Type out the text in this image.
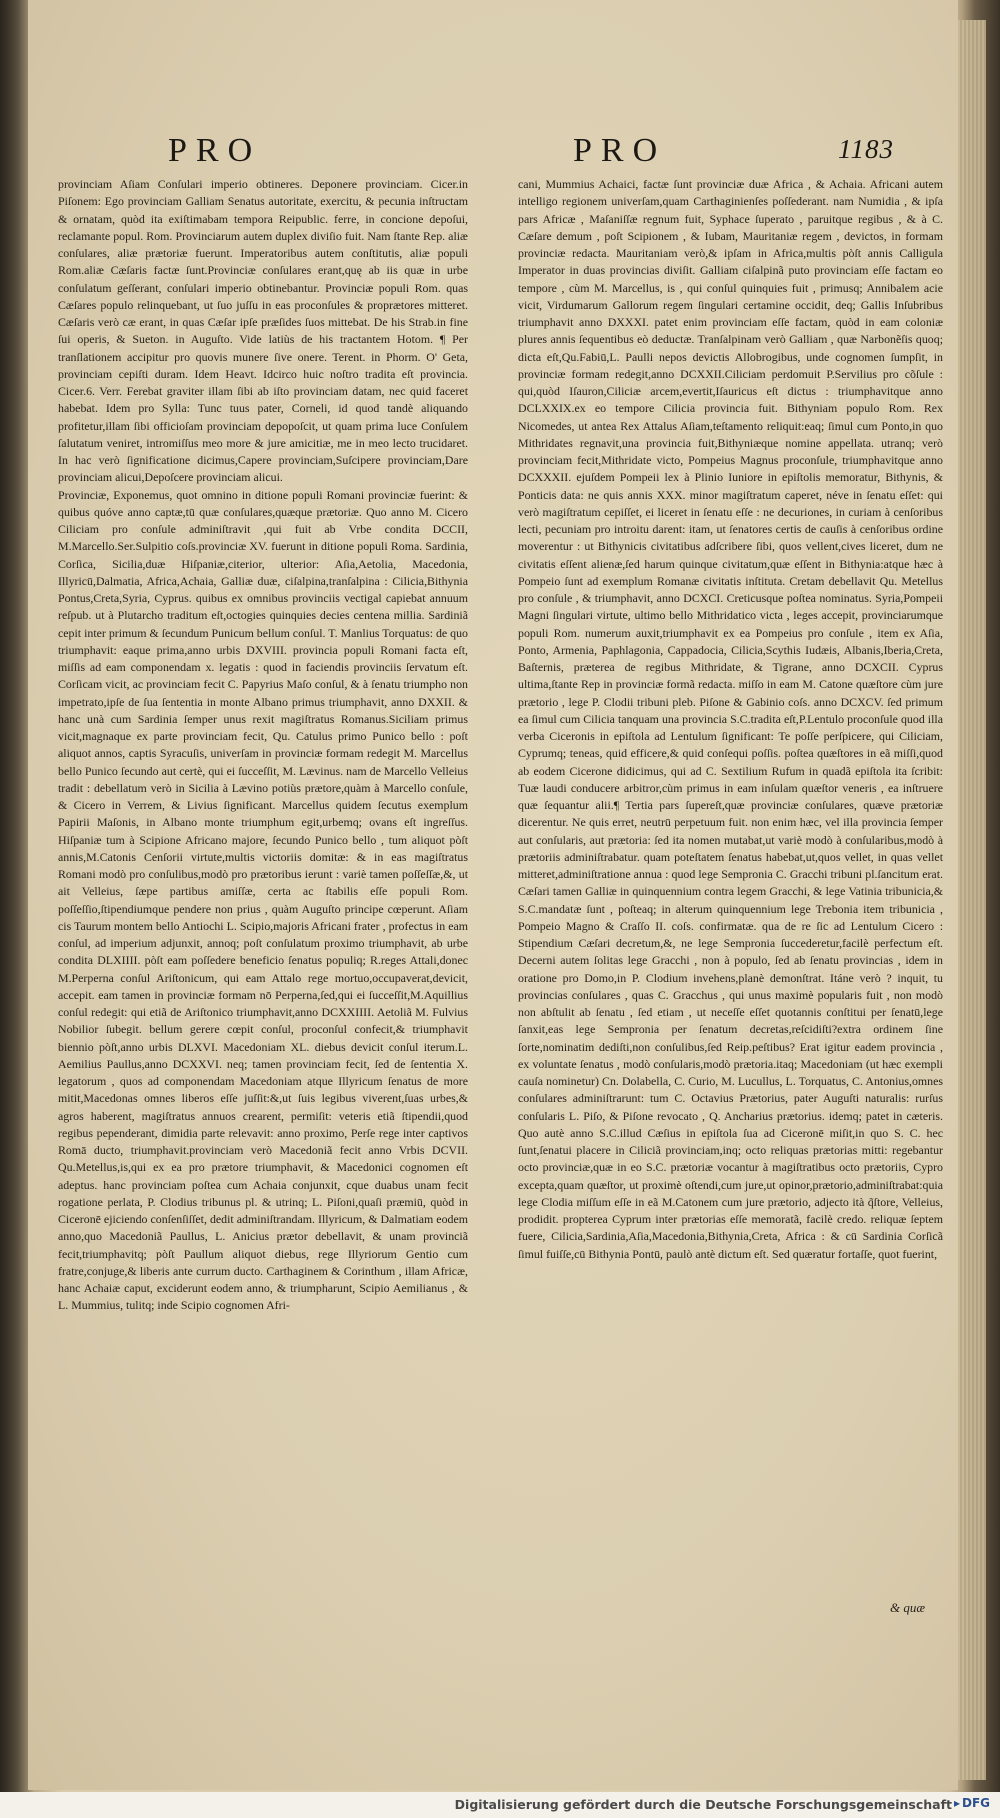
PRO	PRO	1183

provinciam Aſiam Conſulari imperio obtineres. Deponere provinciam. Cicer.in Piſonem: Ego provinciam Galliam Senatus autoritate, exercitu, & pecunia inſtructam & ornatam, quòd ita exiſtimabam tempora Reipublic. ferre, in concione depoſui, reclamante popul. Rom. Provinciarum autem duplex diviſio fuit. Nam ſtante Rep. aliæ conſulares, aliæ prætoriæ fuerunt. Imperatoribus autem conſtitutis, aliæ populi Rom.aliæ Cæſaris factæ ſunt.Provinciæ conſulares erant,quę ab iis quæ in urbe conſulatum geſſerant, conſulari imperio obtinebantur. Provinciæ populi Rom. quas Cæſares populo relinquebant, ut ſuo juſſu in eas proconſules & proprætores mitteret. Cæſaris verò cæ erant, in quas Cæſar ipſe præſides ſuos mittebat. De his Strab.in fine ſui operis, & Sueton. in Auguſto. Vide latiùs de his tractantem Hotom. ¶ Per tranſlationem accipitur pro quovis munere ſive onere. Terent. in Phorm. O' Geta, provinciam cepiſti duram. Idem Heavt. Idcirco huic noſtro tradita eſt provincia. Cicer.6. Verr. Ferebat graviter illam ſibi ab iſto provinciam datam, nec quid faceret habebat. Idem pro Sylla: Tunc tuus pater, Corneli, id quod tandè aliquando profitetur,illam ſibi officioſam provinciam depopoſcit, ut quam prima luce Conſulem ſalutatum veniret, intromiſſus meo more & jure amicitiæ, me in meo lecto trucidaret. In hac verò ſignificatione dicimus,Capere provinciam,Suſcipere provinciam,Dare provinciam alicui,Depoſcere provinciam alicui.

Provinciæ, Exponemus, quot omnino in ditione populi Romani provinciæ fuerint: & quibus quóve anno captæ,tū quæ conſulares,quæque prætoriæ. Quo anno M. Cicero Ciliciam pro conſule adminiſtravit ,qui fuit ab Vrbe condita DCCII, M.Marcello.Ser.Sulpitio coſs.provinciæ XV. fuerunt in ditione populi Roma. Sardinia, Corſica, Sicilia,duæ Hiſpaniæ,citerior, ulterior: Aſia,Aetolia, Macedonia, Illyricū,Dalmatia, Africa,Achaia, Galliæ duæ, ciſalpina,tranſalpina : Cilicia,Bithynia Pontus,Creta,Syria, Cyprus. quibus ex omnibus provinciis vectigal capiebat annuum reſpub. ut à Plutarcho traditum eſt,octogies quinquies decies centena millia. Sardiniã cepit inter primum & ſecundum Punicum bellum conſul. T. Manlius Torquatus: de quo triumphavit: eaque prima,anno urbis DXVIII. provincia populi Romani facta eſt, miſſis ad eam componendam x. legatis : quod in faciendis provinciis ſervatum eſt. Corſicam vicit, ac provinciam fecit C. Papyrius Maſo conſul, & à ſenatu triumpho non impetrato,ipſe de ſua ſententia in monte Albano primus triumphavit, anno DXXII. & hanc unà cum Sardinia ſemper unus rexit magiſtratus Romanus.Siciliam primus vicit,magnaque ex parte provinciam fecit, Qu. Catulus primo Punico bello : poſt aliquot annos, captis Syracuſis, univerſam in provinciæ formam redegit M. Marcellus bello Punico ſecundo aut certè, qui ei ſucceſſit, M. Lævinus. nam de Marcello Velleius tradit : debellatum verò in Sicilia à Lævino potiùs prætore,quàm à Marcello conſule, & Cicero in Verrem, & Livius ſignificant. Marcellus quidem ſecutus exemplum Papirii Maſonis, in Albano monte triumphum egit,urbemq; ovans eſt ingreſſus. Hiſpaniæ tum à Scipione Africano majore, ſecundo Punico bello , tum aliquot pòſt annis,M.Catonis Cenſorii virtute,multis victoriis domitæ: & in eas magiſtratus Romani modò pro conſulibus,modò pro prætoribus ierunt : variè tamen poſſeſſæ,&, ut ait Velleius, ſæpe partibus amiſſæ, certa ac ſtabilis eſſe populi Rom. poſſeſſio,ſtipendiumque pendere non prius , quàm Auguſto principe cœperunt. Aſiam cis Taurum montem bello Antiochi L. Scipio,majoris Africani frater , profectus in eam conſul, ad imperium adjunxit, annoq; poſt conſulatum proximo triumphavit, ab urbe condita DLXIIII. pòſt eam poſſedere beneficio ſenatus populiq; R.reges Attali,donec M.Perperna conſul Ariſtonicum, qui eam Attalo rege mortuo,occupaverat,devicit, accepit. eam tamen in provinciæ formam nō Perperna,ſed,qui ei ſucceſſit,M.Aquillius conſul redegit: qui etiã de Ariſtonico triumphavit,anno DCXXIIII. Aetoliã M. Fulvius Nobilior ſubegit. bellum gerere cœpit conſul, proconſul confecit,& triumphavit biennio pòſt,anno urbis DLXVI. Macedoniam XL. diebus devicit conſul iterum.L. Aemilius Paullus,anno DCXXVI. neq; tamen provinciam fecit, ſed de ſententia X. legatorum , quos ad componendam Macedoniam atque Illyricum ſenatus de more mitit,Macedonas omnes liberos eſſe juſſit:&,ut ſuis legibus viverent,ſuas urbes,& agros haberent, magiſtratus annuos crearent, permiſit: veteris etiã ſtipendii,quod regibus pependerant, dimidia parte relevavit: anno proximo, Perſe rege inter captivos Romā ducto, triumphavit.provinciam verò Macedoniã fecit anno Vrbis DCVII. Qu.Metellus,is,qui ex ea pro prætore triumphavit, & Macedonici cognomen eſt adeptus. hanc provinciam poſtea cum Achaia conjunxit, cque duabus unam fecit rogatione perlata, P. Clodius tribunus pl. & utrinq; L. Piſoni,quaſi præmiū, quòd in Ciceronē ejiciendo conſenſiſſet, dedit adminiſtrandam. Illyricum, & Dalmatiam eodem anno,quo Macedoniã Paullus, L. Anicius prætor debellavit, & unam provinciã fecit,triumphavitq; pòſt Paullum aliquot diebus, rege Illyriorum Gentio cum fratre,conjuge,& liberis ante currum ducto. Carthaginem & Corinthum , illam Africæ, hanc Achaiæ caput, exciderunt eodem anno, & triumpharunt, Scipio Aemilianus , & L. Mummius, tulitq; inde Scipio cognomen Afri-

cani, Mummius Achaici, factæ ſunt provinciæ duæ Africa , & Achaia. Africani autem intelligo regionem univerſam,quam Carthaginienſes poſſederant. nam Numidia , & ipſa pars Africæ , Maſaniſſæ regnum fuit, Syphace ſuperato , paruitque regibus , & à C. Cæſare demum , poſt Scipionem , & Iubam, Mauritaniæ regem , devictos, in formam provinciæ redacta. Mauritaniam verò,& ipſam in Africa,multis pòſt annis Calligula Imperator in duas provincias diviſit. Galliam ciſalpinã puto provinciam eſſe factam eo tempore , cùm M. Marcellus, is , qui conſul quinquies fuit , primusq; Annibalem acie vicit, Virdumarum Gallorum regem ſingulari certamine occidit, deq; Gallis Inſubribus triumphavit anno DXXXI. patet enim provinciam eſſe factam, quòd in eam coloniæ plures annis ſequentibus eò deductæ. Tranſalpinam verò Galliam , quæ Narbonẽſis quoq; dicta eſt,Qu.Fabiū,L. Paulli nepos devictis Allobrogibus, unde cognomen ſumpſit, in provinciæ formam redegit,anno DCXXII.Ciliciam perdomuit P.Servilius pro cõſule : qui,quòd Iſauron,Ciliciæ arcem,evertit,Iſauricus eſt dictus : triumphavitque anno DCLXXIX.ex eo tempore Cilicia provincia fuit. Bithyniam populo Rom. Rex Nicomedes, ut antea Rex Attalus Aſiam,teſtamento reliquit:eaq; ſimul cum Ponto,in quo Mithridates regnavit,una provincia fuit,Bithyniæque nomine appellata. utranq; verò provinciam fecit,Mithridate victo, Pompeius Magnus proconſule, triumphavitque anno DCXXXII. ejuſdem Pompeii lex à Plinio Iuniore in epiſtolis memoratur, Bithynis, & Ponticis data: ne quis annis XXX. minor magiſtratum caperet, néve in ſenatu eſſet: qui verò magiſtratum cepiſſet, ei liceret in ſenatu eſſe : ne decuriones, in curiam à cenſoribus lecti, pecuniam pro introitu darent: itam, ut ſenatores certis de cauſis à cenſoribus ordine moverentur : ut Bithynicis civitatibus adſcribere ſibi, quos vellent,cives liceret, dum ne civitatis eſſent alienæ,ſed harum quinque civitatum,quæ eſſent in Bithynia:atque hæc à Pompeio ſunt ad exemplum Romanæ civitatis inſtituta. Cretam debellavit Qu. Metellus pro conſule , & triumphavit, anno DCXCI. Creticusque poſtea nominatus. Syria,Pompeii Magni ſingulari virtute, ultimo bello Mithridatico victa , leges accepit, provinciarumque populi Rom. numerum auxit,triumphavit ex ea Pompeius pro conſule , item ex Aſia, Ponto, Armenia, Paphlagonia, Cappadocia, Cilicia,Scythis Iudæis, Albanis,Iberia,Creta, Baſternis, præterea de regibus Mithridate, & Tigrane, anno DCXCII. Cyprus ultima,ſtante Rep in provinciæ formã redacta. miſſo in eam M. Catone quæſtore cùm jure prætorio , lege P. Clodii tribuni pleb. Piſone & Gabinio coſs. anno DCXCV. ſed primum ea ſimul cum Cilicia tanquam una provincia S.C.tradita eſt,P.Lentulo proconſule quod illa verba Ciceronis in epiſtola ad Lentulum ſignificant: Te poſſe perſpicere, qui Ciliciam, Cyprumq; teneas, quid efficere,& quid conſequi poſſis. poſtea quæſtores in eã miſſi,quod ab eodem Cicerone didicimus, qui ad C. Sextilium Rufum in quadã epiſtola ita ſcribit: Tuæ laudi conducere arbitror,cùm primus in eam inſulam quæſtor veneris , ea inſtruere quæ ſequantur alii.¶ Tertia pars ſupereſt,quæ provinciæ conſulares, quæve prætoriæ dicerentur. Ne quis erret, neutrū perpetuum fuit. non enim hæc, vel illa provincia ſemper aut conſularis, aut prætoria: ſed ita nomen mutabat,ut variè modò à conſularibus,modò à prætoriis adminiſtrabatur. quam poteſtatem ſenatus habebat,ut,quos vellet, in quas vellet mitteret,adminiſtratione annua : quod lege Sempronia C. Gracchi tribuni pl.ſancitum erat. Cæſari tamen Galliæ in quinquennium contra legem Gracchi, & lege Vatinia tribunicia,& S.C.mandatæ ſunt , poſteaq; in alterum quinquennium lege Trebonia item tribunicia , Pompeio Magno & Craſſo II. coſs. confirmatæ. qua de re ſic ad Lentulum Cicero : Stipendium Cæſari decretum,&, ne lege Sempronia ſuccederetur,facilè perfectum eſt. Decerni autem ſolitas lege Gracchi , non à populo, ſed ab ſenatu provincias , idem in oratione pro Domo,in P. Clodium invehens,planè demonſtrat. Itáne verò ? inquit, tu provincias conſulares , quas C. Gracchus , qui unus maximè popularis fuit , non modò non abſtulit ab ſenatu , ſed etiam , ut neceſſe eſſet quotannis conſtitui per ſenatū,lege ſanxit,eas lege Sempronia per ſenatum decretas,reſcidiſti?extra ordinem ſine ſorte,nominatim dediſti,non conſulibus,ſed Reip.peſtibus? Erat igitur eadem provincia , ex voluntate ſenatus , modò conſularis,modò prætoria.itaq; Macedoniam (ut hæc exempli cauſa nominetur) Cn. Dolabella, C. Curio, M. Lucullus, L. Torquatus, C. Antonius,omnes conſulares adminiſtrarunt: tum C. Octavius Prætorius, pater Auguſti naturalis: rurſus conſularis L. Piſo, & Piſone revocato , Q. Ancharius prætorius. idemq; patet in cæteris. Quo autè anno S.C.illud Cæſius in epiſtola ſua ad Ciceronē miſit,in quo S. C. hec ſunt,ſenatui placere in Ciliciã provinciam,inq; octo reliquas prætorias mitti: regebantur octo provinciæ,quæ in eo S.C. prætoriæ vocantur à magiſtratibus octo prætoriis, Cypro excepta,quam quæſtor, ut proximè oſtendi,cum jure,ut opinor,prætorio,adminiſtrabat:quia lege Clodia miſſum eſſe in eã M.Catonem cum jure prætorio, adjecto ità q̃ſtore, Velleius, prodidit. propterea Cyprum inter prætorias eſſe memoratã, facilè credo. reliquæ ſeptem fuere, Cilicia,Sardinia,Aſia,Macedonia,Bithynia,Creta, Africa : & cū Sardinia Corſicã ſimul fuiſſe,cū Bithynia Pontū, paulò antè dictum eſt. Sed quæratur fortaſſe, quot fuerint,

& quæ
Digitalisierung gefördert durch die Deutsche Forschungsgemeinschaft ▸ DFG
